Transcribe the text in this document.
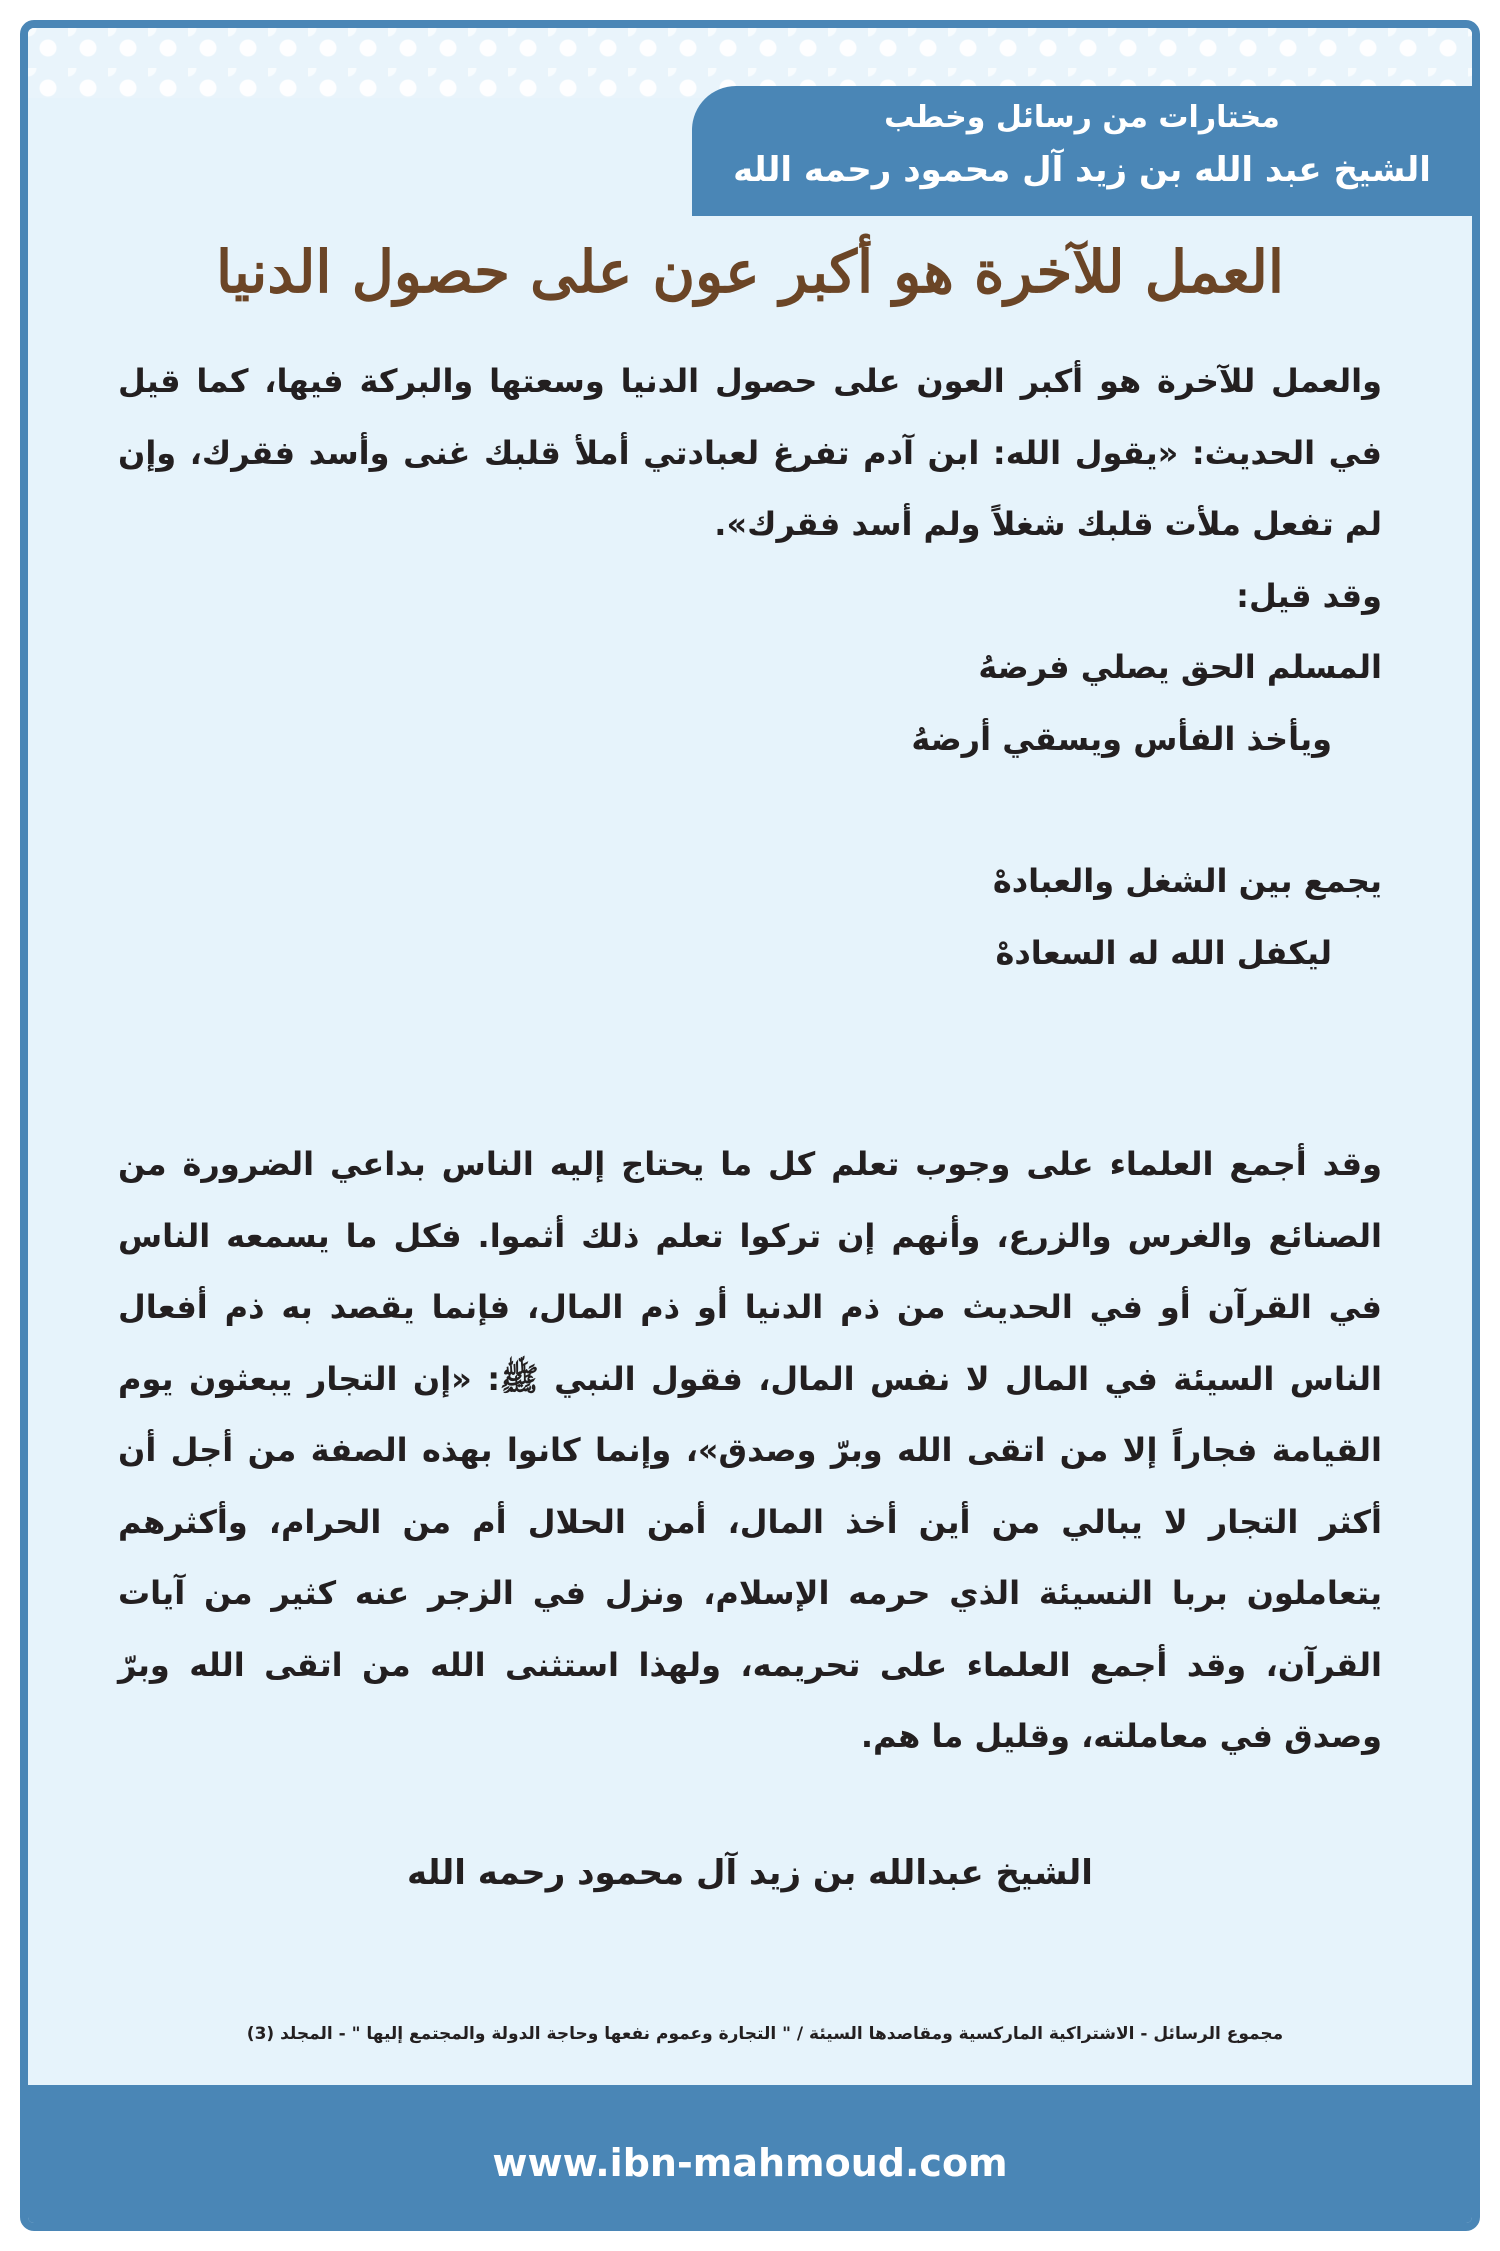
مختارات من رسائل وخطب
الشيخ عبد الله بن زيد آل محمود رحمه الله
العمل للآخرة هو أكبر عون على حصول الدنيا

والعمل للآخرة هو أكبر العون على حصول الدنيا وسعتها والبركة فيها، كما قيل في الحديث: «يقول الله: ابن آدم تفرغ لعبادتي أملأ قلبك غنى وأسد فقرك، وإن لم تفعل ملأت قلبك شغلاً ولم أسد فقرك».

وقد قيل:

المسلم الحق يصلي فرضهُ

ويأخذ الفأس ويسقي أرضهُ

يجمع بين الشغل والعبادهْ

ليكفل الله له السعادهْ

وقد أجمع العلماء على وجوب تعلم كل ما يحتاج إليه الناس بداعي الضرورة من الصنائع والغرس والزرع، وأنهم إن تركوا تعلم ذلك أثموا. فكل ما يسمعه الناس في القرآن أو في الحديث من ذم الدنيا أو ذم المال، فإنما يقصد به ذم أفعال الناس السيئة في المال لا نفس المال، فقول النبي ﷺ: «إن التجار يبعثون يوم القيامة فجاراً إلا من اتقى الله وبرّ وصدق»، وإنما كانوا بهذه الصفة من أجل أن أكثر التجار لا يبالي من أين أخذ المال، أمن الحلال أم من الحرام، وأكثرهم يتعاملون بربا النسيئة الذي حرمه الإسلام، ونزل في الزجر عنه كثير من آيات القرآن، وقد أجمع العلماء على تحريمه، ولهذا استثنى الله من اتقى الله وبرّ وصدق في معاملته، وقليل ما هم.

الشيخ عبدالله بن زيد آل محمود رحمه الله

مجموع الرسائل - الاشتراكية الماركسية ومقاصدها السيئة / " التجارة وعموم نفعها وحاجة الدولة والمجتمع إليها " - المجلد (3)

www.ibn-mahmoud.com
